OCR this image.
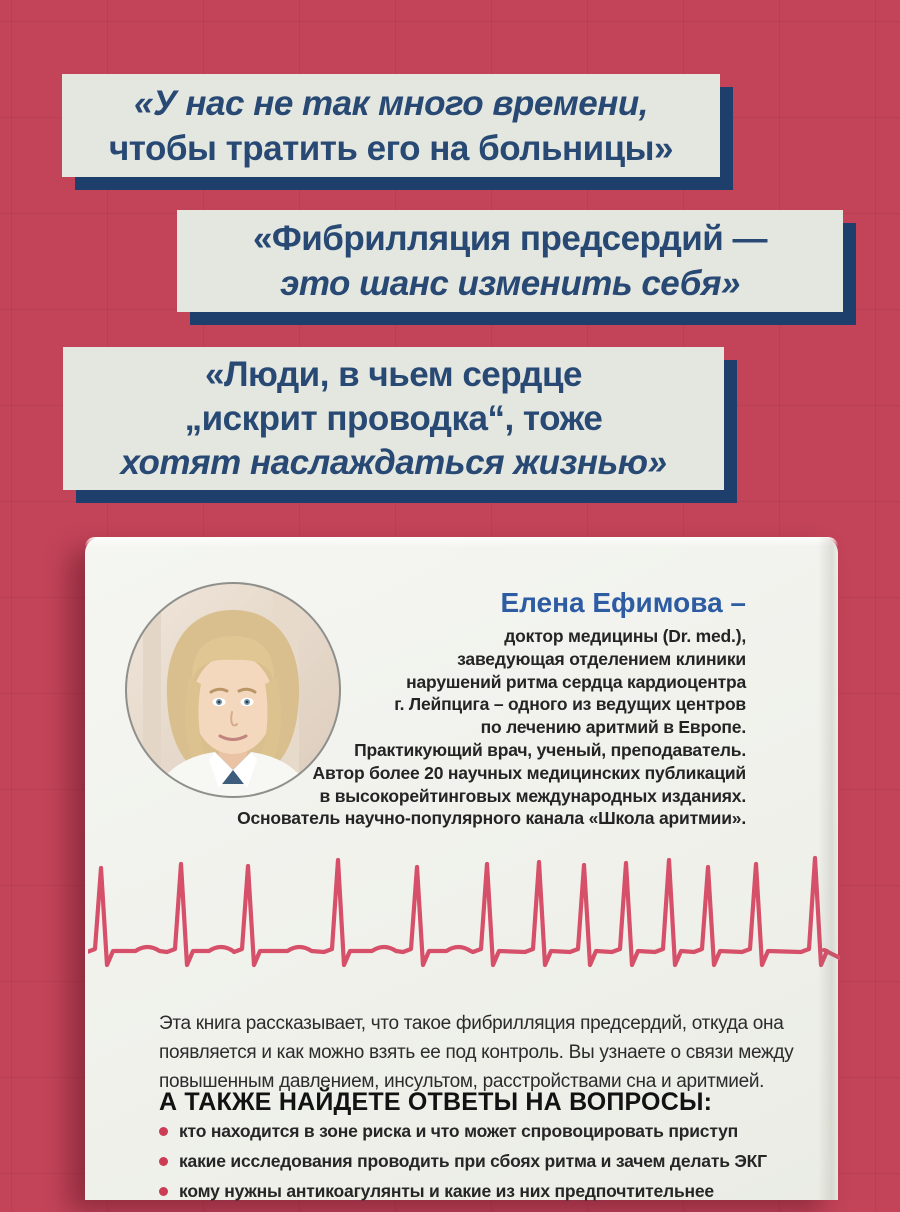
«У нас не так много времени,
чтобы тратить его на больницы»
«Фибрилляция предсердий —
это шанс изменить себя»
«Люди, в чьем сердце
„искрит проводка“, тоже
хотят наслаждаться жизнью»
Елена Ефимова –
доктор медицины (Dr. med.),
заведующая отделением клиники
нарушений ритма сердца кардиоцентра
г. Лейпцига – одного из ведущих центров
по лечению аритмий в Европе.
Практикующий врач, ученый, преподаватель.
Автор более 20 научных медицинских публикаций
в высокорейтинговых международных изданиях.
Основатель научно-популярного канала «Школа аритмии».
Эта книга рассказывает, что такое фибрилляция предсердий, откуда она
появляется и как можно взять ее под контроль. Вы узнаете о связи между
повышенным давлением, инсультом, расстройствами сна и аритмией.
А ТАКЖЕ НАЙДЕТЕ ОТВЕТЫ НА ВОПРОСЫ:
кто находится в зоне риска и что может спровоцировать приступ
какие исследования проводить при сбоях ритма и зачем делать ЭКГ
кому нужны антикоагулянты и какие из них предпочтительнее
